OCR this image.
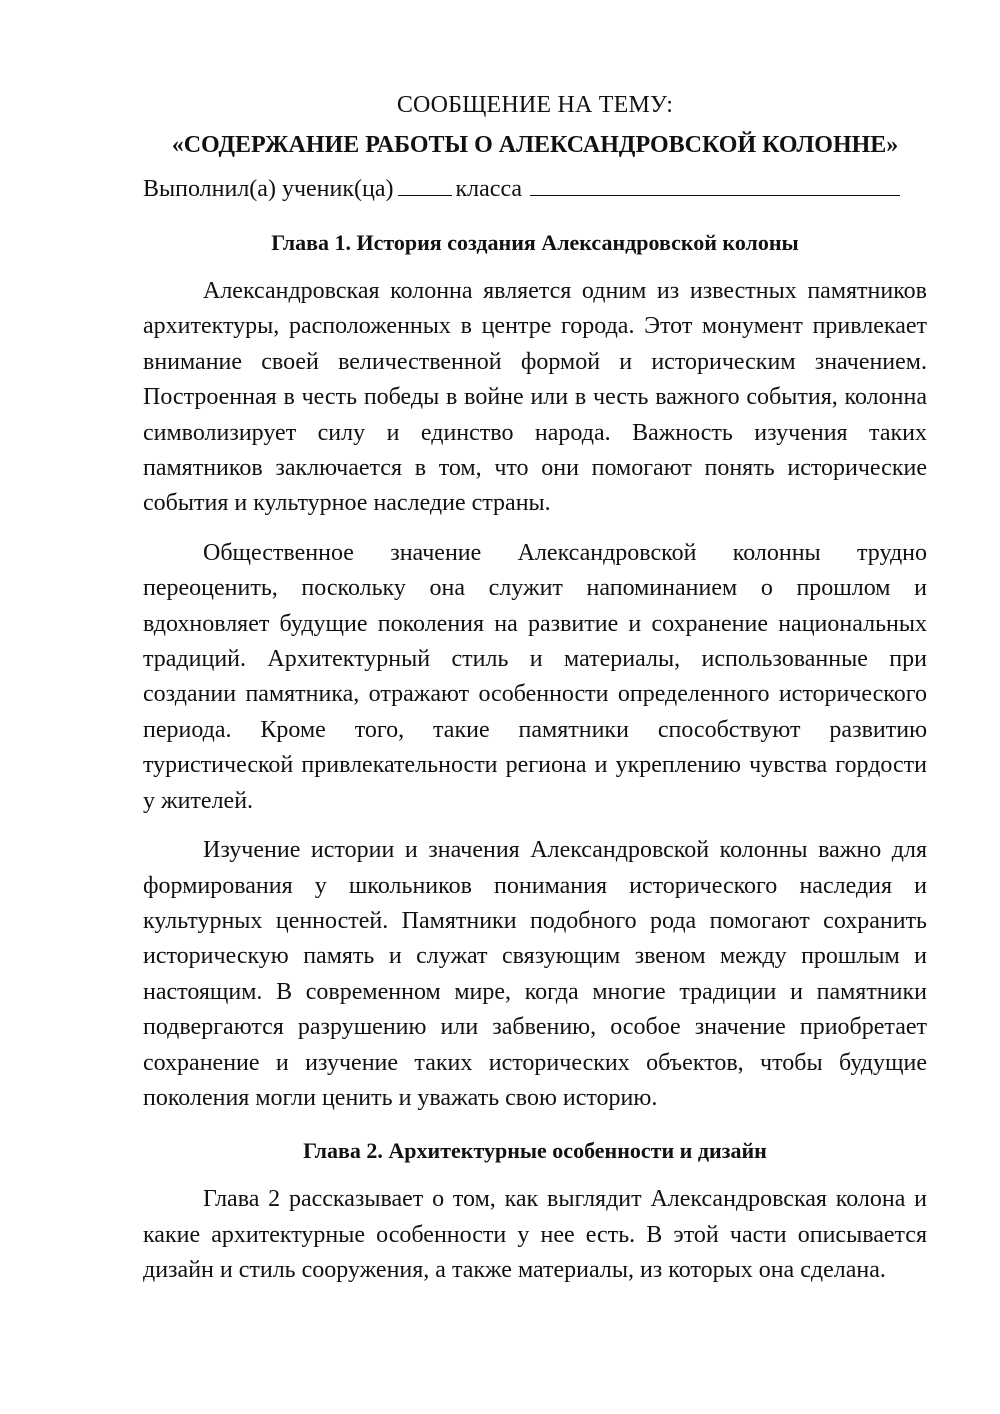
СООБЩЕНИЕ НА ТЕМУ:
«СОДЕРЖАНИЕ РАБОТЫ О АЛЕКСАНДРОВСКОЙ КОЛОННЕ»
Выполнил(а) ученик(ца)	класса
Глава 1. История создания Александровской колоны

Александровская колонна является одним из известных памятников архитектуры, расположенных в центре города. Этот монумент привлекает внимание своей величественной формой и историческим значением. Построенная в честь победы в войне или в честь важного события, колонна символизирует силу и единство народа. Важность изучения таких памятников заключается в том, что они помогают понять исторические события и культурное наследие страны.

Общественное значение Александровской колонны трудно переоценить, поскольку она служит напоминанием о прошлом и вдохновляет будущие поколения на развитие и сохранение национальных традиций. Архитектурный стиль и материалы, использованные при создании памятника, отражают особенности определенного исторического периода. Кроме того, такие памятники способствуют развитию туристической привлекательности региона и укреплению чувства гордости у жителей.

Изучение истории и значения Александровской колонны важно для формирования у школьников понимания исторического наследия и культурных ценностей. Памятники подобного рода помогают сохранить историческую память и служат связующим звеном между прошлым и настоящим. В современном мире, когда многие традиции и памятники подвергаются разрушению или забвению, особое значение приобретает сохранение и изучение таких исторических объектов, чтобы будущие поколения могли ценить и уважать свою историю.

Глава 2. Архитектурные особенности и дизайн

Глава 2 рассказывает о том, как выглядит Александровская колона и какие архитектурные особенности у нее есть. В этой части описывается дизайн и стиль сооружения, а также материалы, из которых она сделана.
